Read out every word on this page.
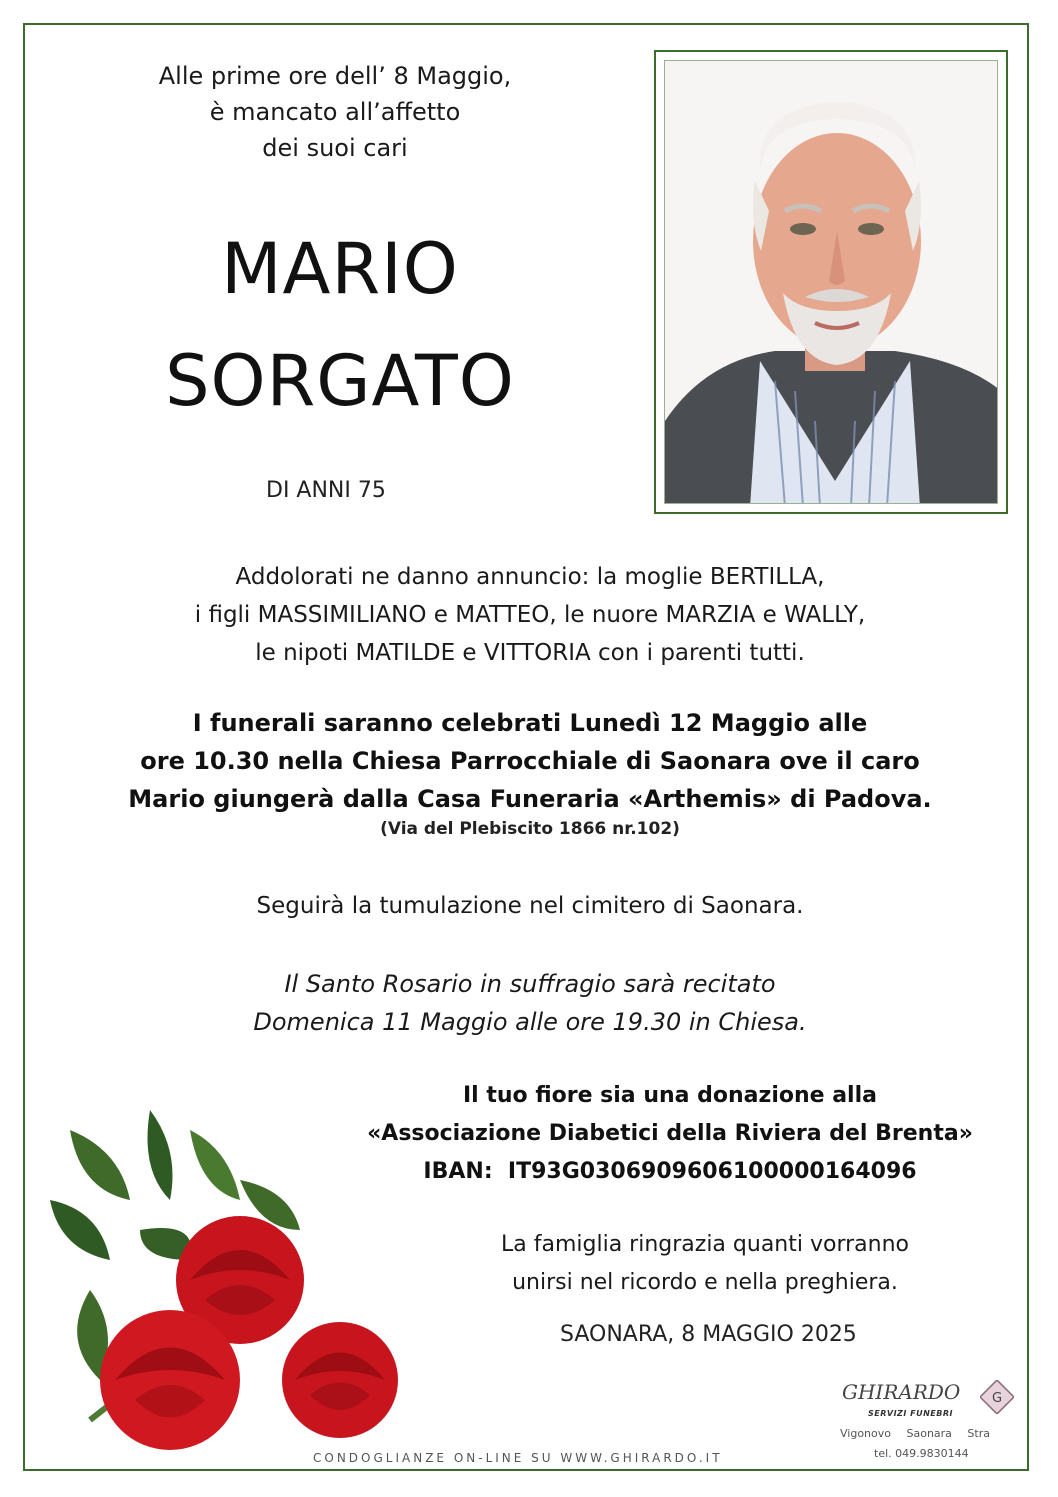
Alle prime ore dell’ 8 Maggio,
è mancato all’affetto
dei suoi cari
MARIO
SORGATO
DI ANNI 75
Addolorati ne danno annuncio: la moglie BERTILLA,
i figli MASSIMILIANO e MATTEO, le nuore MARZIA e WALLY,
le nipoti MATILDE e VITTORIA con i parenti tutti.
I funerali saranno celebrati Lunedì 12 Maggio alle
ore 10.30 nella Chiesa Parrocchiale di Saonara ove il caro
Mario giungerà dalla Casa Funeraria «Arthemis» di Padova.
(Via del Plebiscito 1866 nr.102)
Seguirà la tumulazione nel cimitero di Saonara.
Il Santo Rosario in suffragio sarà recitato
Domenica 11 Maggio alle ore 19.30 in Chiesa.
Il tuo fiore sia una donazione alla
«Associazione Diabetici della Riviera del Brenta»
IBAN:  IT93G0306909606100000164096
La famiglia ringrazia quanti vorranno
unirsi nel ricordo e nella preghiera.
SAONARA, 8 MAGGIO 2025
CONDOGLIANZE ON-LINE SU WWW.GHIRARDO.IT
GHIRARDO
SERVIZI FUNEBRI
G
Vigonovo Saonara Stra
tel. 049.9830144
